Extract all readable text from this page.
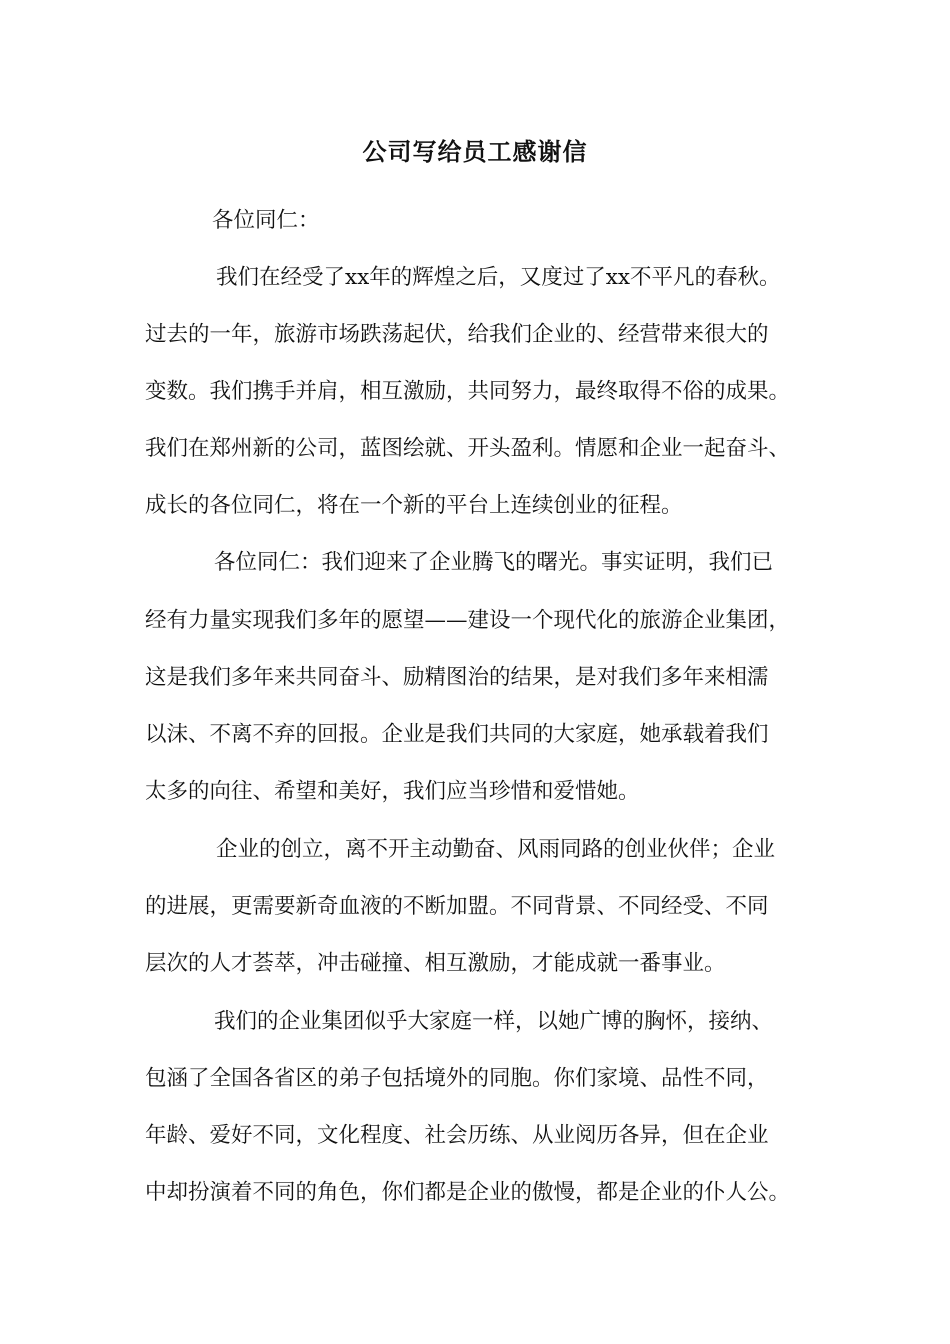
公司写给员工感谢信
各位同仁：
我们在经受了xx年的辉煌之后，又度过了xx不平凡的春秋。
过去的一年，旅游市场跌荡起伏，给我们企业的、经营带来很大的
变数。我们携手并肩，相互激励，共同努力，最终取得不俗的成果。
我们在郑州新的公司，蓝图绘就、开头盈利。情愿和企业一起奋斗、
成长的各位同仁，将在一个新的平台上连续创业的征程。
各位同仁：我们迎来了企业腾飞的曙光。事实证明，我们已
经有力量实现我们多年的愿望——建设一个现代化的旅游企业集团，
这是我们多年来共同奋斗、励精图治的结果，是对我们多年来相濡
以沫、不离不弃的回报。企业是我们共同的大家庭，她承载着我们
太多的向往、希望和美好，我们应当珍惜和爱惜她。
企业的创立，离不开主动勤奋、风雨同路的创业伙伴；企业
的进展，更需要新奇血液的不断加盟。不同背景、不同经受、不同
层次的人才荟萃，冲击碰撞、相互激励，才能成就一番事业。
我们的企业集团似乎大家庭一样，以她广博的胸怀，接纳、
包涵了全国各省区的弟子包括境外的同胞。你们家境、品性不同，
年龄、爱好不同，文化程度、社会历练、从业阅历各异，但在企业
中却扮演着不同的角色，你们都是企业的傲慢，都是企业的仆人公。
